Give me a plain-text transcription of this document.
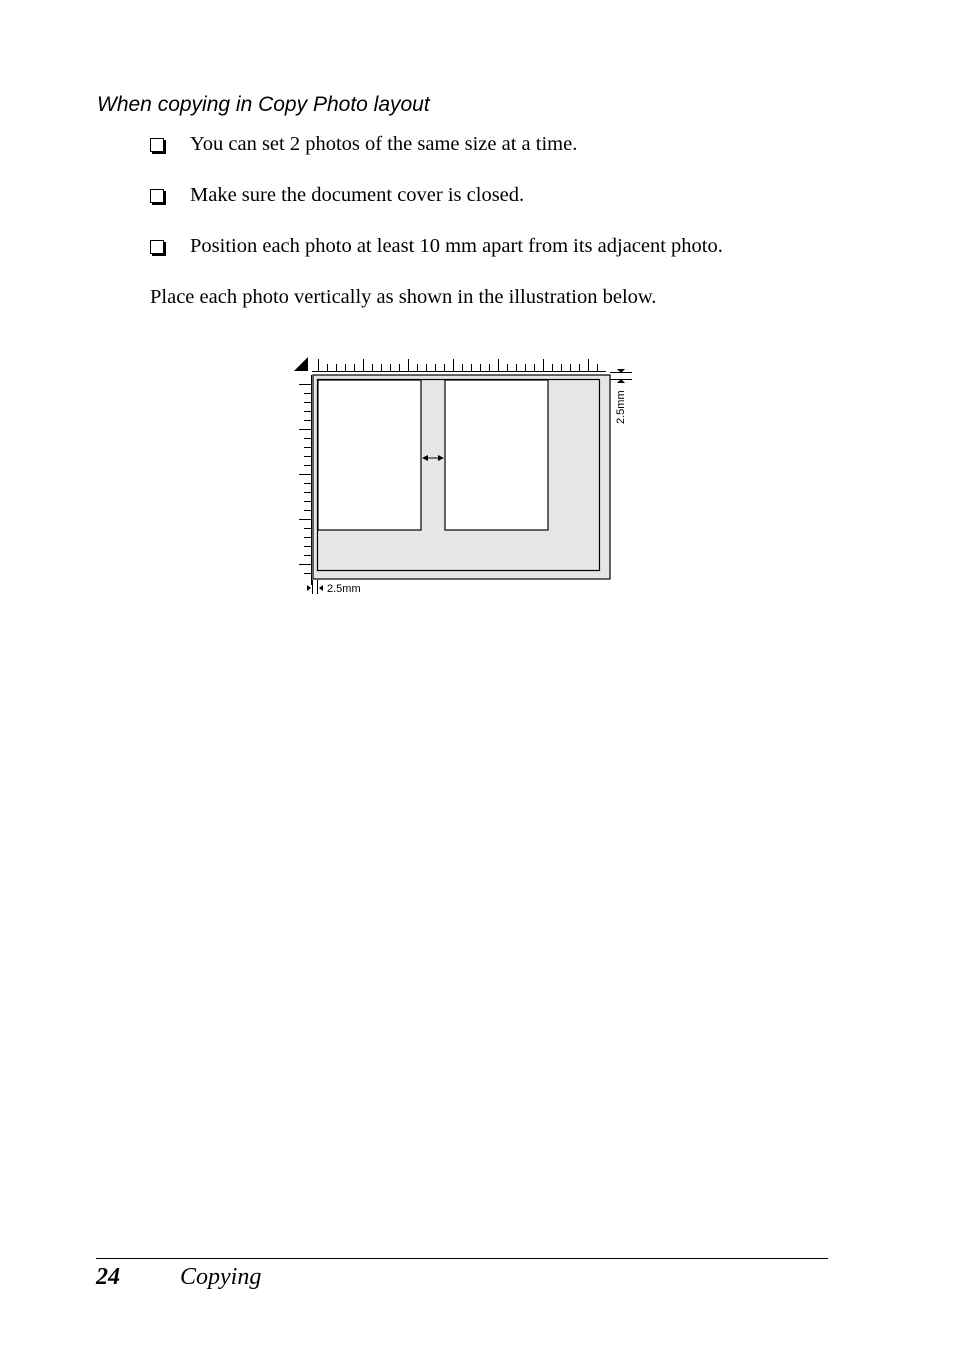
When copying in Copy Photo layout
You can set 2 photos of the same size at a time.
Make sure the document cover is closed.
Position each photo at least 10 mm apart from its adjacent photo.
Place each photo vertically as shown in the illustration below.
2.5mm
2.5mm
24	Copying
